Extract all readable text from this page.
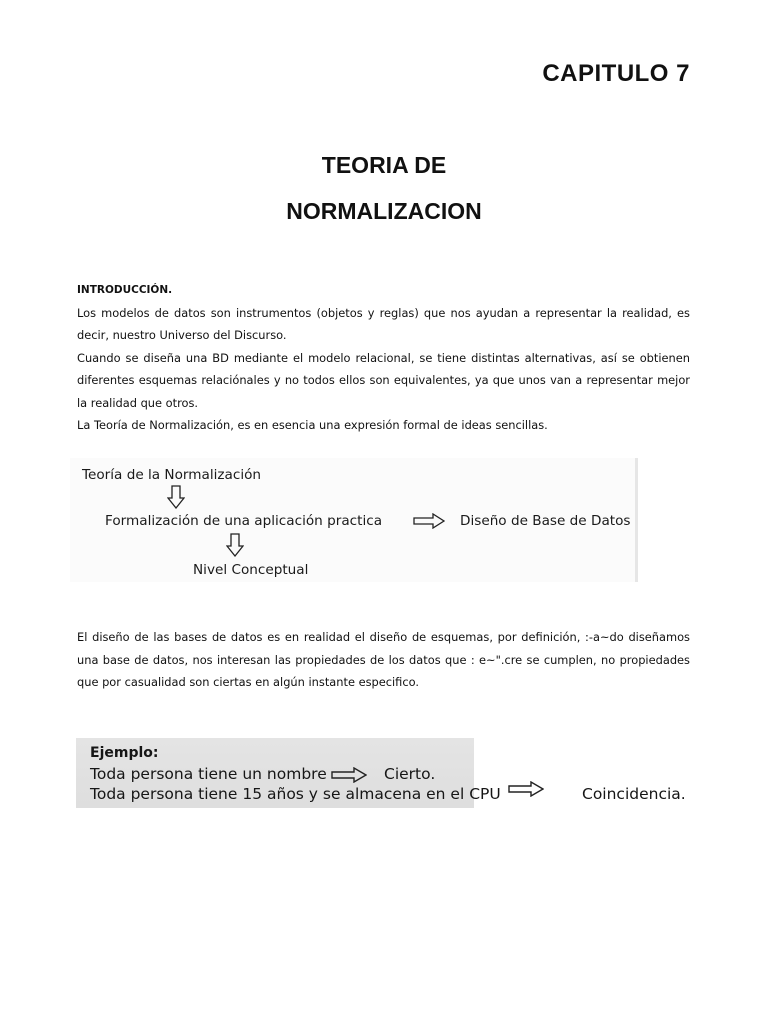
CAPITULO 7
TEORIA DE
NORMALIZACION
INTRODUCCIÓN.
Los modelos de datos son instrumentos (objetos y reglas) que nos ayudan a representar la realidad, es decir, nuestro Universo del Discurso.
Cuando se diseña una BD mediante el modelo relacional, se tiene distintas alternativas, así se obtienen diferentes esquemas relaciónales y no todos ellos son equivalentes, ya que unos van a representar mejor la realidad que otros.
La Teoría de Normalización, es en esencia una expresión formal de ideas sencillas.
Teoría de la Normalización
Formalización de una aplicación practica	Diseño de Base de Datos
Nivel Conceptual
El diseño de las bases de datos es en realidad el diseño de esquemas, por definición, :-a~do diseñamos una base de datos, nos interesan las propiedades de los datos que : e~".cre se cumplen, no propiedades que por casualidad son ciertas en algún instante especifico.
Ejemplo:
Toda persona tiene un nombre	Cierto.
Toda persona tiene 15 años y se almacena en el CPU	Coincidencia.
